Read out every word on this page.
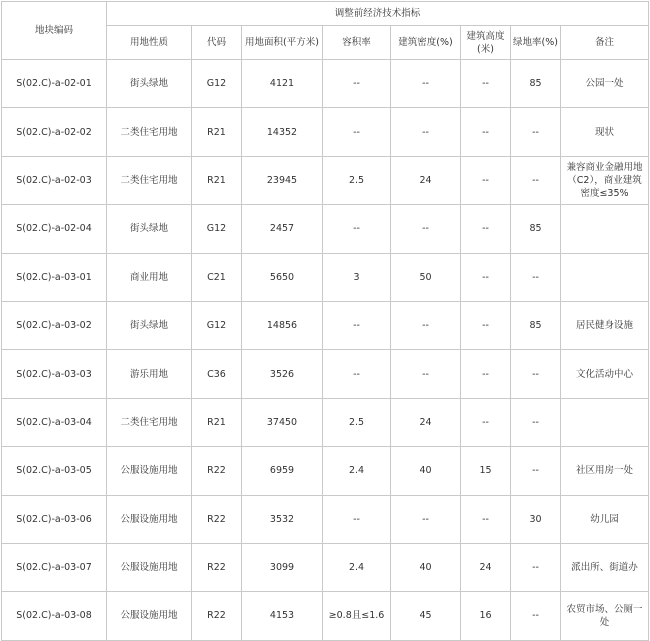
地块编码	调整前经济技术指标							
	用地性质	代码	用地面积(平方米)	容积率	建筑密度(%)	建筑高度(米)	绿地率(%)	备注
S(02.C)-a-02-01	街头绿地	G12	4121	--	--	--	85	公园一处
S(02.C)-a-02-02	二类住宅用地	R21	14352	--	--	--	--	现状
S(02.C)-a-02-03	二类住宅用地	R21	23945	2.5	24	--	--	兼容商业金融用地（C2），商业建筑密度≤35%
S(02.C)-a-02-04	街头绿地	G12	2457	--	--	--	85	
S(02.C)-a-03-01	商业用地	C21	5650	3	50	--	--	
S(02.C)-a-03-02	街头绿地	G12	14856	--	--	--	85	居民健身设施
S(02.C)-a-03-03	游乐用地	C36	3526	--	--	--	--	文化活动中心
S(02.C)-a-03-04	二类住宅用地	R21	37450	2.5	24	--	--	
S(02.C)-a-03-05	公服设施用地	R22	6959	2.4	40	15	--	社区用房一处
S(02.C)-a-03-06	公服设施用地	R22	3532	--	--	--	30	幼儿园
S(02.C)-a-03-07	公服设施用地	R22	3099	2.4	40	24	--	派出所、街道办
S(02.C)-a-03-08	公服设施用地	R22	4153	≥0.8且≤1.6	45	16	--	农贸市场、公厕一处
